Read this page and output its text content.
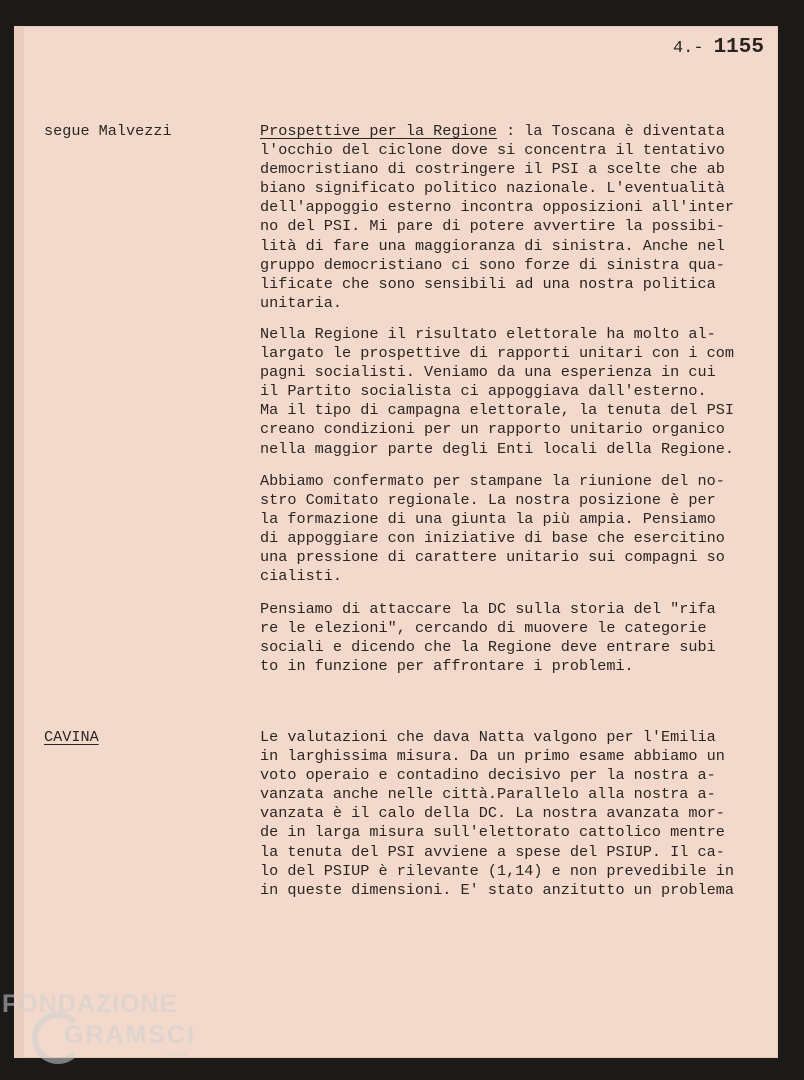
4.- 1155
segue Malvezzi
CAVINA
Prospettive per la Regione : la Toscana è diventata
l'occhio del ciclone dove si concentra il tentativo
democristiano di costringere il PSI a scelte che ab
biano significato politico nazionale. L'eventualità
dell'appoggio esterno incontra opposizioni all'inter
no del PSI. Mi pare di potere avvertire la possibi-
lità di fare una maggioranza di sinistra. Anche nel
gruppo democristiano ci sono forze di sinistra qua-
lificate che sono sensibili ad una nostra politica
unitaria.
Nella Regione il risultato elettorale ha molto al-
largato le prospettive di rapporti unitari con i com
pagni socialisti. Veniamo da una esperienza in cui
il Partito socialista ci appoggiava dall'esterno.
Ma il tipo di campagna elettorale, la tenuta del PSI
creano condizioni per un rapporto unitario organico
nella maggior parte degli Enti locali della Regione.
Abbiamo confermato per stampane la riunione del no-
stro Comitato regionale. La nostra posizione è per
la formazione di una giunta la più ampia. Pensiamo
di appoggiare con iniziative di base che esercitino
una pressione di carattere unitario sui compagni so
cialisti.
Pensiamo di attaccare la DC sulla storia del "rifa
re le elezioni", cercando di muovere le categorie
sociali e dicendo che la Regione deve entrare subi
to in funzione per affrontare i problemi.
Le valutazioni che dava Natta valgono per l'Emilia
in larghissima misura. Da un primo esame abbiamo un
voto operaio e contadino decisivo per la nostra a-
vanzata anche nelle città.Parallelo alla nostra a-
vanzata è il calo della DC. La nostra avanzata mor-
de in larga misura sull'elettorato cattolico mentre
la tenuta del PSI avviene a spese del PSIUP. Il ca-
lo del PSIUP è rilevante (1,14) e non prevedibile in
in queste dimensioni. E' stato anzitutto un problema
FONDAZIONE
GRAMSCI
onlus
